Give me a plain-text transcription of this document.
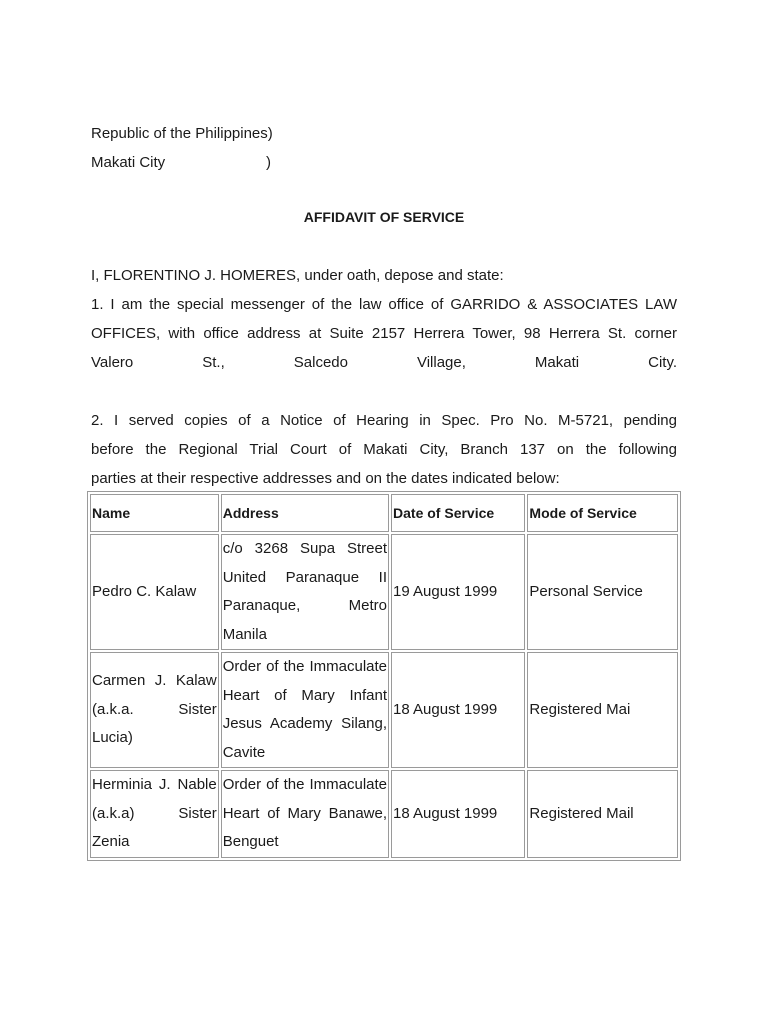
Republic of the Philippines)
Makati City	)
AFFIDAVIT OF SERVICE

I, FLORENTINO J. HOMERES, under oath, depose and state:

1. I am the special messenger of the law office of GARRIDO & ASSOCIATES LAW
OFFICES, with office address at Suite 2157 Herrera Tower, 98 Herrera St. corner
Valero St., Salcedo Village, Makati City.
2. I served copies of a Notice of Hearing in Spec. Pro No. M-5721, pending
before the Regional Trial Court of Makati City, Branch 137 on the following
parties at their respective addresses and on the dates indicated below:
Name	Address	Date of Service	Mode of Service
Pedro C. Kalaw	c/o 3268 Supa Street United Paranaque II Paranaque, Metro Manila	19 August 1999	Personal Service
Carmen J. Kalaw (a.k.a. Sister Lucia)	Order of the Immaculate Heart of Mary Infant Jesus Academy Silang, Cavite	18 August 1999	Registered Mai
Herminia J. Nable (a.k.a) Sister Zenia	Order of the Immaculate Heart of Mary Banawe, Benguet	18 August 1999	Registered Mail
